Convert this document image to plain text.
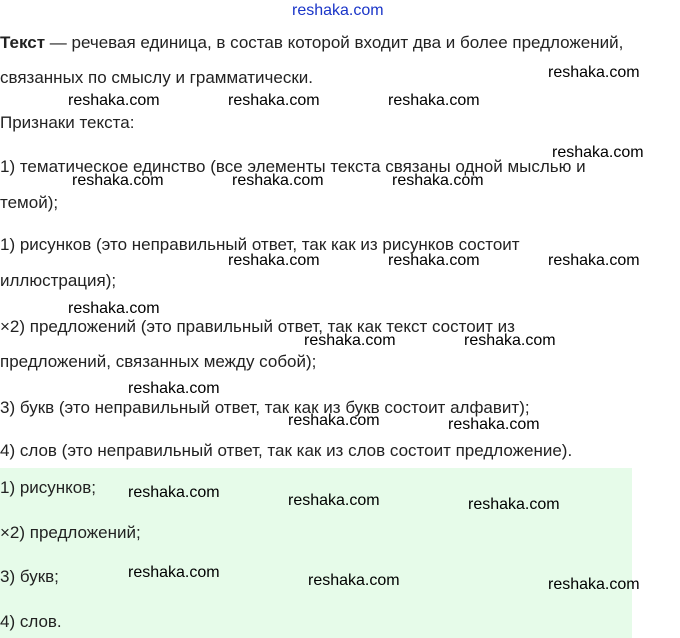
reshaka.com
Текст — речевая единица, в состав которой входит два и более предложений,
связанных по смыслу и грамматически.
Признаки текста:
1) тематическое единство (все элементы текста связаны одной мыслью и
темой);
1) рисунков (это неправильный ответ, так как из рисунков состоит
иллюстрация);
×2) предложений (это правильный ответ, так как текст состоит из
предложений, связанных между собой);
3) букв (это неправильный ответ, так как из букв состоит алфавит);
4) слов (это неправильный ответ, так как из слов состоит предложение).
1) рисунков;
×2) предложений;
3) букв;
4) слов.
reshaka.com
reshaka.com	reshaka.com	reshaka.com
reshaka.com
reshaka.com	reshaka.com	reshaka.com
reshaka.com	reshaka.com	reshaka.com
reshaka.com
reshaka.com	reshaka.com
reshaka.com
reshaka.com	reshaka.com
reshaka.com	reshaka.com	reshaka.com
reshaka.com	reshaka.com	reshaka.com
